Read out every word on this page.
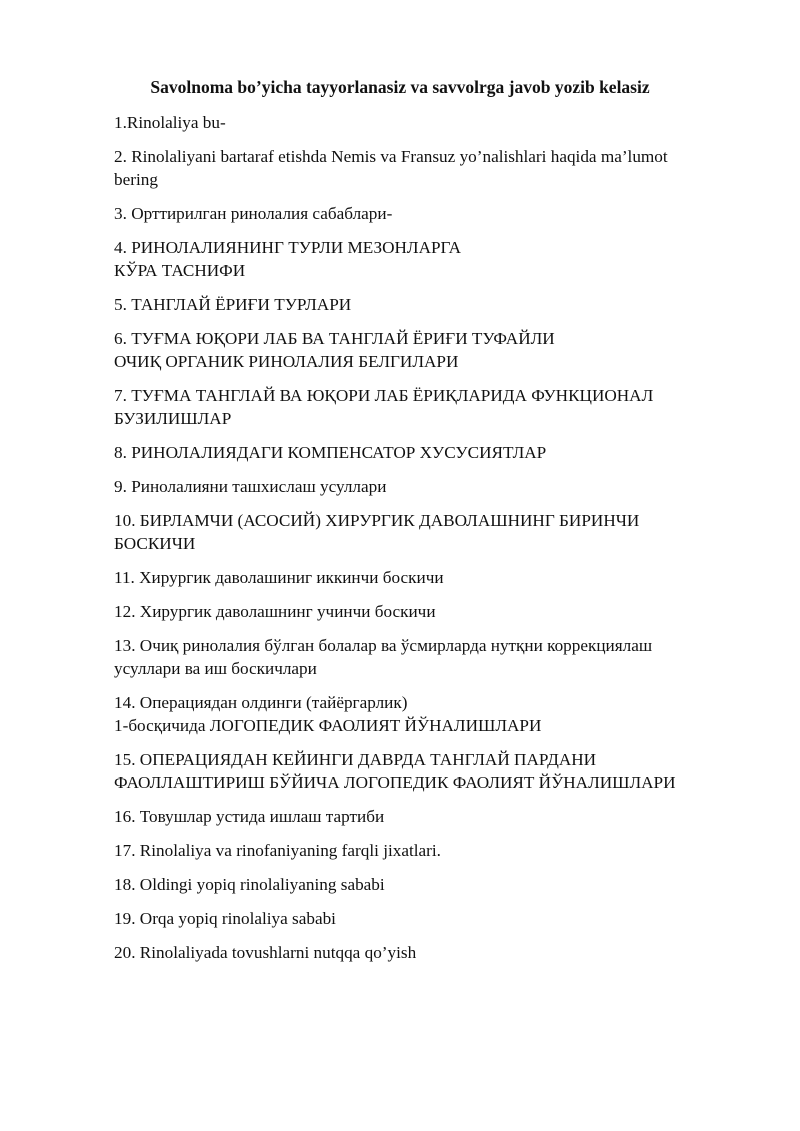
Savolnoma bo’yicha tayyorlanasiz va savvolrga javob yozib kelasiz
1.Rinolaliya bu-
2. Rinolaliyani bartaraf etishda Nemis va Fransuz yo’nalishlari haqida ma’lumot
bering
3. Орттирилган ринолалия сабаблари-
4. РИНОЛАЛИЯНИНГ ТУРЛИ МЕЗОНЛАРГА
КЎРА ТАСНИФИ
5. ТАНГЛАЙ ЁРИҒИ ТУРЛАРИ
6. ТУҒМА ЮҚОРИ ЛАБ ВА ТАНГЛАЙ ЁРИҒИ ТУФАЙЛИ
ОЧИҚ ОРГАНИК РИНОЛАЛИЯ БЕЛГИЛАРИ
7. ТУҒМА ТАНГЛАЙ ВА ЮҚОРИ ЛАБ ЁРИҚЛАРИДА ФУНКЦИОНАЛ
БУЗИЛИШЛАР
8. РИНОЛАЛИЯДАГИ КОМПЕНСАТОР ХУСУСИЯТЛАР
9. Ринолалияни ташхислаш усуллари
10. БИРЛАМЧИ (АСОСИЙ) ХИРУРГИК ДАВОЛАШНИНГ БИРИНЧИ
БОСКИЧИ
11. Хирургик даволашиниг иккинчи боскичи
12. Хирургик даволашнинг учинчи боскичи
13. Очиқ ринолалия бўлган болалар ва ўсмирларда нутқни коррекциялаш
усуллари ва иш боскичлари
14. Операциядан олдинги (тайёргарлик)
1-босқичида ЛОГОПЕДИК ФАОЛИЯТ ЙЎНАЛИШЛАРИ
15. ОПЕРАЦИЯДАН КЕЙИНГИ ДАВРДА ТАНГЛАЙ ПАРДАНИ
ФАОЛЛАШТИРИШ БЎЙИЧА ЛОГОПЕДИК ФАОЛИЯТ ЙЎНАЛИШЛАРИ
16. Товушлар устида ишлаш тартиби
17. Rinolaliya va rinofaniyaning farqli jixatlari.
18. Oldingi yopiq rinolaliyaning sababi
19. Orqa yopiq rinolaliya sababi
20. Rinolaliyada tovushlarni nutqqa qo’yish
